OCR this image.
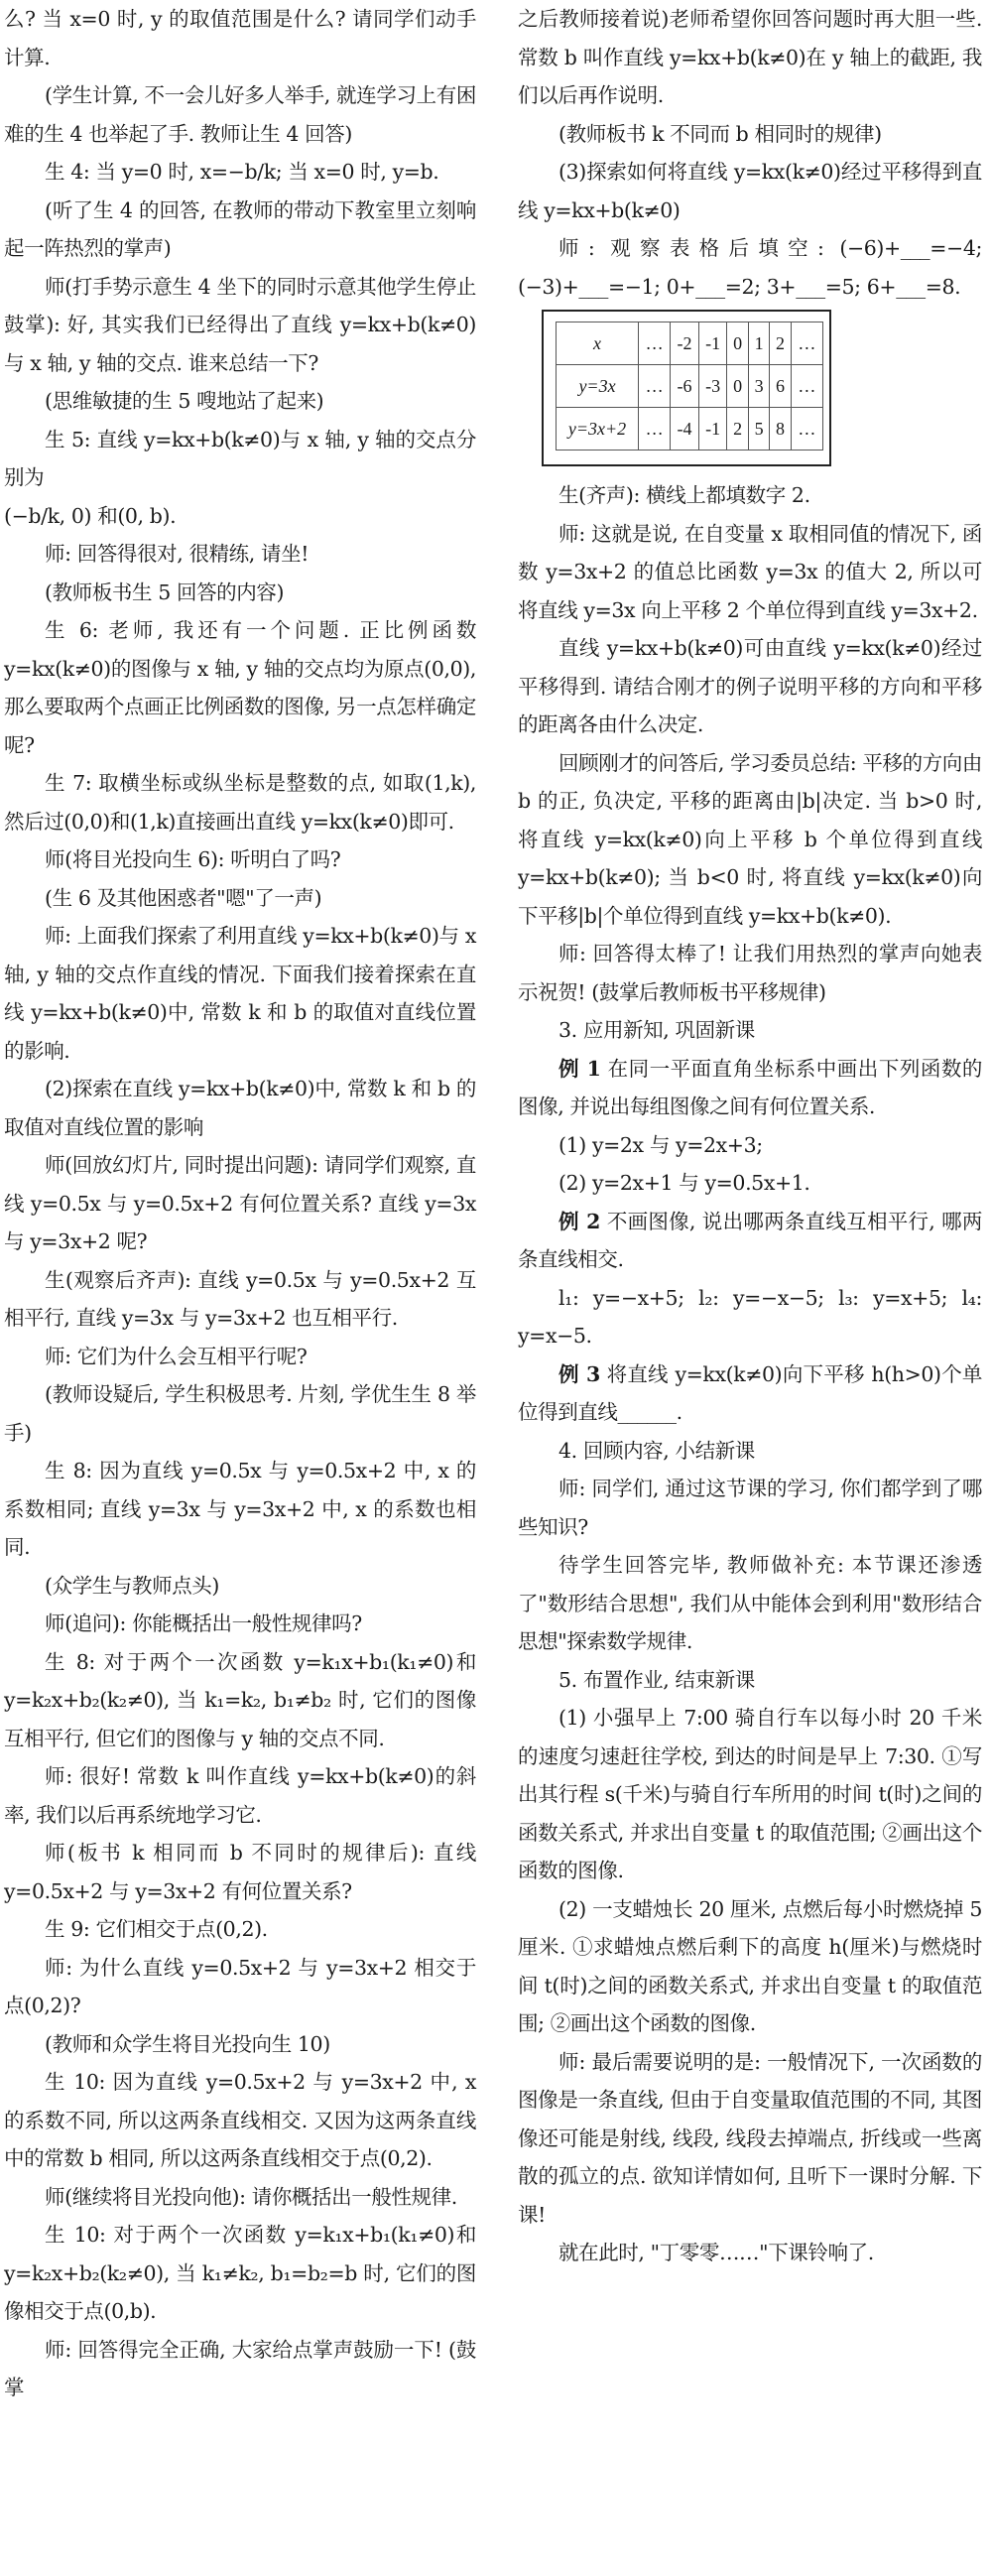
么? 当 x=0 时, y 的取值范围是什么? 请同学们动手计算.

(学生计算, 不一会儿好多人举手, 就连学习上有困难的生 4 也举起了手. 教师让生 4 回答)

生 4: 当 y=0 时, x=−b/k; 当 x=0 时, y=b.

(听了生 4 的回答, 在教师的带动下教室里立刻响起一阵热烈的掌声)

师(打手势示意生 4 坐下的同时示意其他学生停止鼓掌): 好, 其实我们已经得出了直线 y=kx+b(k≠0)与 x 轴, y 轴的交点. 谁来总结一下?

(思维敏捷的生 5 嗖地站了起来)

生 5: 直线 y=kx+b(k≠0)与 x 轴, y 轴的交点分别为

(−b/k, 0) 和(0, b).

师: 回答得很对, 很精练, 请坐!

(教师板书生 5 回答的内容)

生 6: 老师, 我还有一个问题. 正比例函数 y=kx(k≠0)的图像与 x 轴, y 轴的交点均为原点(0,0), 那么要取两个点画正比例函数的图像, 另一点怎样确定呢?

生 7: 取横坐标或纵坐标是整数的点, 如取(1,k), 然后过(0,0)和(1,k)直接画出直线 y=kx(k≠0)即可.

师(将目光投向生 6): 听明白了吗?

(生 6 及其他困惑者"嗯"了一声)

师: 上面我们探索了利用直线 y=kx+b(k≠0)与 x 轴, y 轴的交点作直线的情况. 下面我们接着探索在直线 y=kx+b(k≠0)中, 常数 k 和 b 的取值对直线位置的影响.

(2)探索在直线 y=kx+b(k≠0)中, 常数 k 和 b 的取值对直线位置的影响

师(回放幻灯片, 同时提出问题): 请同学们观察, 直线 y=0.5x 与 y=0.5x+2 有何位置关系? 直线 y=3x 与 y=3x+2 呢?

生(观察后齐声): 直线 y=0.5x 与 y=0.5x+2 互相平行, 直线 y=3x 与 y=3x+2 也互相平行.

师: 它们为什么会互相平行呢?

(教师设疑后, 学生积极思考. 片刻, 学优生生 8 举手)

生 8: 因为直线 y=0.5x 与 y=0.5x+2 中, x 的系数相同; 直线 y=3x 与 y=3x+2 中, x 的系数也相同.

(众学生与教师点头)

师(追问): 你能概括出一般性规律吗?

生 8: 对于两个一次函数 y=k₁x+b₁(k₁≠0)和 y=k₂x+b₂(k₂≠0), 当 k₁=k₂, b₁≠b₂ 时, 它们的图像互相平行, 但它们的图像与 y 轴的交点不同.

师: 很好! 常数 k 叫作直线 y=kx+b(k≠0)的斜率, 我们以后再系统地学习它.

师(板书 k 相同而 b 不同时的规律后): 直线 y=0.5x+2 与 y=3x+2 有何位置关系?

生 9: 它们相交于点(0,2).

师: 为什么直线 y=0.5x+2 与 y=3x+2 相交于点(0,2)?

(教师和众学生将目光投向生 10)

生 10: 因为直线 y=0.5x+2 与 y=3x+2 中, x 的系数不同, 所以这两条直线相交. 又因为这两条直线中的常数 b 相同, 所以这两条直线相交于点(0,2).

师(继续将目光投向他): 请你概括出一般性规律.

生 10: 对于两个一次函数 y=k₁x+b₁(k₁≠0)和 y=k₂x+b₂(k₂≠0), 当 k₁≠k₂, b₁=b₂=b 时, 它们的图像相交于点(0,b).

师: 回答得完全正确, 大家给点掌声鼓励一下! (鼓掌

之后教师接着说)老师希望你回答问题时再大胆一些. 常数 b 叫作直线 y=kx+b(k≠0)在 y 轴上的截距, 我们以后再作说明.

(教师板书 k 不同而 b 相同时的规律)

(3)探索如何将直线 y=kx(k≠0)经过平移得到直线 y=kx+b(k≠0)

师: 观察表格后填空: (−6)+___=−4; (−3)+___=−1; 0+___=2; 3+___=5; 6+___=8.

x	…	-2	-1	0	1	2	…
y=3x	…	-6	-3	0	3	6	…
y=3x+2	…	-4	-1	2	5	8	…

生(齐声): 横线上都填数字 2.

师: 这就是说, 在自变量 x 取相同值的情况下, 函数 y=3x+2 的值总比函数 y=3x 的值大 2, 所以可将直线 y=3x 向上平移 2 个单位得到直线 y=3x+2.

直线 y=kx+b(k≠0)可由直线 y=kx(k≠0)经过平移得到. 请结合刚才的例子说明平移的方向和平移的距离各由什么决定.

回顾刚才的问答后, 学习委员总结: 平移的方向由 b 的正, 负决定, 平移的距离由|b|决定. 当 b>0 时, 将直线 y=kx(k≠0)向上平移 b 个单位得到直线 y=kx+b(k≠0); 当 b<0 时, 将直线 y=kx(k≠0)向下平移|b|个单位得到直线 y=kx+b(k≠0).

师: 回答得太棒了! 让我们用热烈的掌声向她表示祝贺! (鼓掌后教师板书平移规律)

3. 应用新知, 巩固新课

例 1 在同一平面直角坐标系中画出下列函数的图像, 并说出每组图像之间有何位置关系.

(1) y=2x 与 y=2x+3;

(2) y=2x+1 与 y=0.5x+1.

例 2 不画图像, 说出哪两条直线互相平行, 哪两条直线相交.

l₁: y=−x+5; l₂: y=−x−5; l₃: y=x+5; l₄: y=x−5.

例 3 将直线 y=kx(k≠0)向下平移 h(h>0)个单位得到直线______.

4. 回顾内容, 小结新课

师: 同学们, 通过这节课的学习, 你们都学到了哪些知识?

待学生回答完毕, 教师做补充: 本节课还渗透了"数形结合思想", 我们从中能体会到利用"数形结合思想"探索数学规律.

5. 布置作业, 结束新课

(1) 小强早上 7:00 骑自行车以每小时 20 千米的速度匀速赶往学校, 到达的时间是早上 7:30. ①写出其行程 s(千米)与骑自行车所用的时间 t(时)之间的函数关系式, 并求出自变量 t 的取值范围; ②画出这个函数的图像.

(2) 一支蜡烛长 20 厘米, 点燃后每小时燃烧掉 5 厘米. ①求蜡烛点燃后剩下的高度 h(厘米)与燃烧时间 t(时)之间的函数关系式, 并求出自变量 t 的取值范围; ②画出这个函数的图像.

师: 最后需要说明的是: 一般情况下, 一次函数的图像是一条直线, 但由于自变量取值范围的不同, 其图像还可能是射线, 线段, 线段去掉端点, 折线或一些离散的孤立的点. 欲知详情如何, 且听下一课时分解. 下课!

就在此时, "丁零零……"下课铃响了.
